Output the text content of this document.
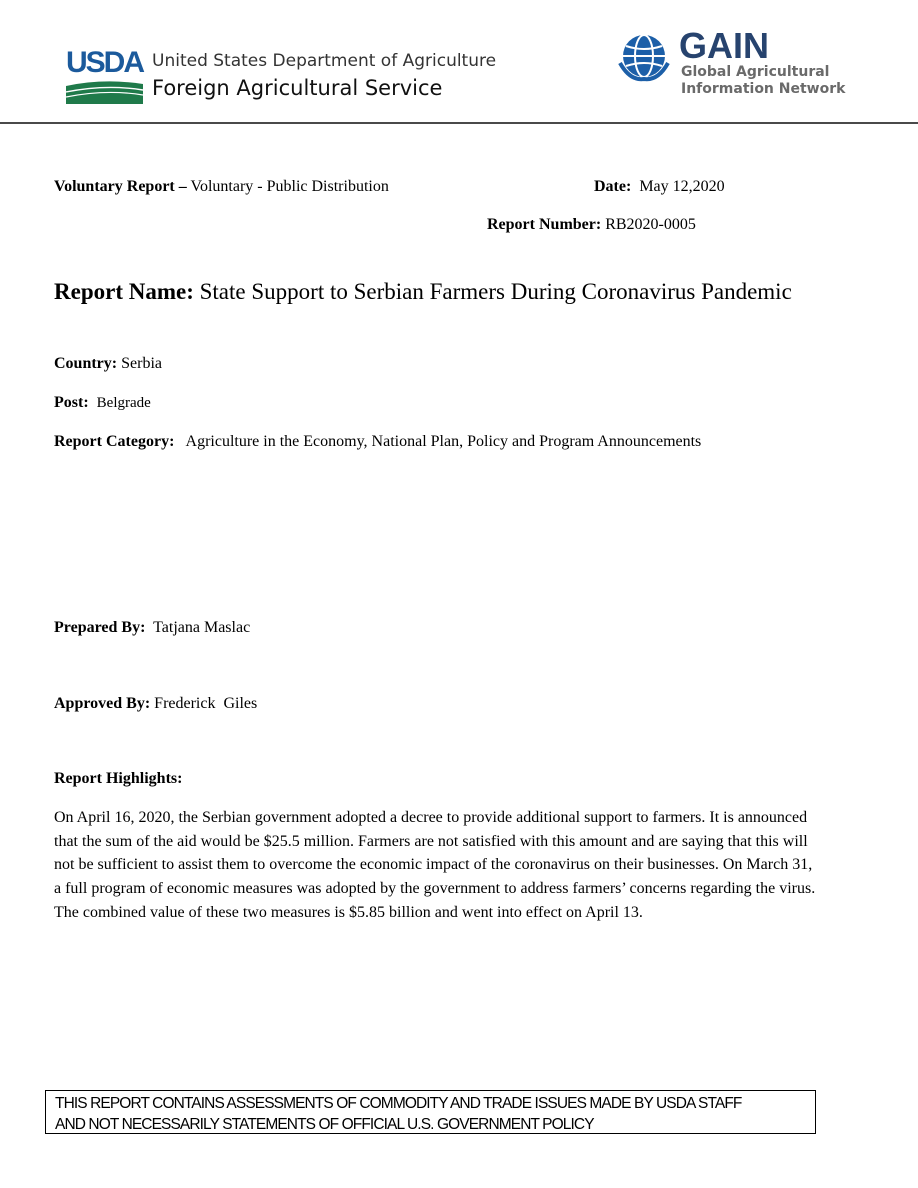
USDA United States Department of Agriculture
Foreign Agricultural Service
GAIN
Global Agricultural
Information Network
Voluntary Report – Voluntary - Public Distribution	Date: May 12,2020
Report Number: RB2020-0005
Report Name: State Support to Serbian Farmers During Coronavirus Pandemic
Country: Serbia
Post: Belgrade
Report Category: Agriculture in the Economy, National Plan, Policy and Program Announcements
Prepared By: Tatjana Maslac
Approved By: Frederick  Giles
Report Highlights:
On April 16, 2020, the Serbian government adopted a decree to provide additional support to farmers. It is announced that the sum of the aid would be $25.5 million. Farmers are not satisfied with this amount and are saying that this will not be sufficient to assist them to overcome the economic impact of the coronavirus on their businesses. On March 31, a full program of economic measures was adopted by the government to address farmers’ concerns regarding the virus. The combined value of these two measures is $5.85 billion and went into effect on April 13.
THIS REPORT CONTAINS ASSESSMENTS OF COMMODITY AND TRADE ISSUES MADE BY USDA STAFF
AND NOT NECESSARILY STATEMENTS OF OFFICIAL U.S. GOVERNMENT POLICY
